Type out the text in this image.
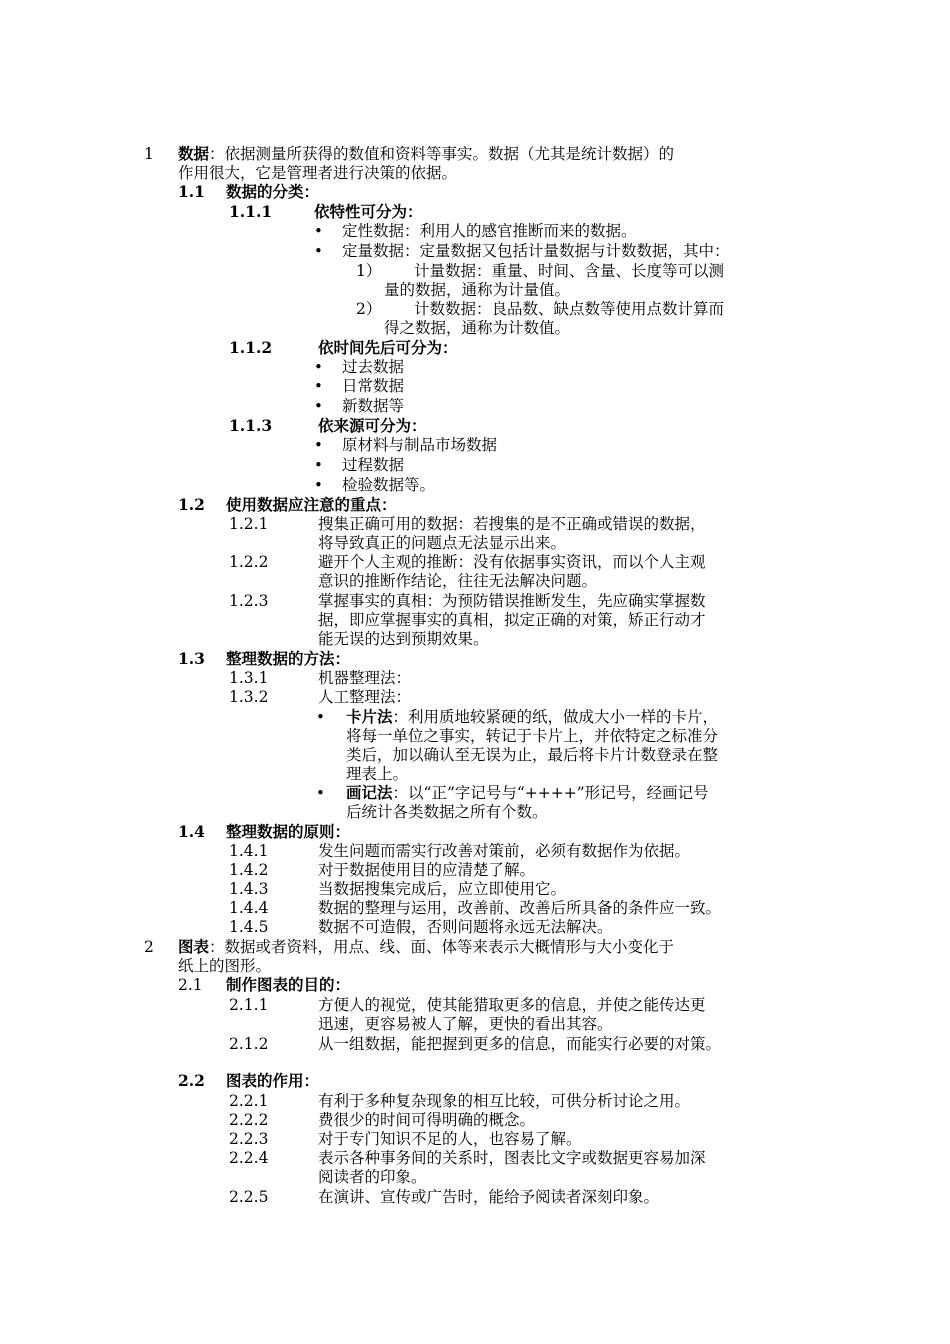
1 数据：依据测量所获得的数值和资料等事实。数据（尤其是统计数据）的
作用很大，它是管理者进行决策的依据。
1.1 数据的分类：
1.1.1	依特性可分为：
• 定性数据：利用人的感官推断而来的数据。
• 定量数据：定量数据又包括计量数据与计数数据，其中：
1） 计量数据：重量、时间、含量、长度等可以测
量的数据，通称为计量值。
2） 计数数据：良品数、缺点数等使用点数计算而
得之数据，通称为计数值。
1.1.2	依时间先后可分为：
• 过去数据
• 日常数据
• 新数据等
1.1.3	依来源可分为：
• 原材料与制品市场数据
• 过程数据
• 检验数据等。
1.2 使用数据应注意的重点：
1.2.1	搜集正确可用的数据：若搜集的是不正确或错误的数据，
将导致真正的问题点无法显示出来。
1.2.2	避开个人主观的推断：没有依据事实资讯，而以个人主观
意识的推断作结论，往往无法解决问题。
1.2.3	掌握事实的真相：为预防错误推断发生，先应确实掌握数
据，即应掌握事实的真相，拟定正确的对策，矫正行动才
能无误的达到预期效果。
1.3 整理数据的方法：
1.3.1	机器整理法：
1.3.2	人工整理法：
• 卡片法：利用质地较紧硬的纸，做成大小一样的卡片，
将每一单位之事实，转记于卡片上，并依特定之标准分
类后，加以确认至无误为止，最后将卡片计数登录在整
理表上。
• 画记法：以“正”字记号与“++++”形记号，经画记号
后统计各类数据之所有个数。
1.4 整理数据的原则：
1.4.1	发生问题而需实行改善对策前，必须有数据作为依据。
1.4.2	对于数据使用目的应清楚了解。
1.4.3	当数据搜集完成后，应立即使用它。
1.4.4	数据的整理与运用，改善前、改善后所具备的条件应一致。
1.4.5	数据不可造假，否则问题将永远无法解决。
2 图表：数据或者资料，用点、线、面、体等来表示大概情形与大小变化于
纸上的图形。
2.1 制作图表的目的：
2.1.1	方便人的视觉，使其能猎取更多的信息，并使之能传达更
迅速，更容易被人了解，更快的看出其容。
2.1.2	从一组数据，能把握到更多的信息，而能实行必要的对策。
2.2 图表的作用：
2.2.1	有利于多种复杂现象的相互比较，可供分析讨论之用。
2.2.2	费很少的时间可得明确的概念。
2.2.3	对于专门知识不足的人，也容易了解。
2.2.4	表示各种事务间的关系时，图表比文字或数据更容易加深
阅读者的印象。
2.2.5	在演讲、宣传或广告时，能给予阅读者深刻印象。
